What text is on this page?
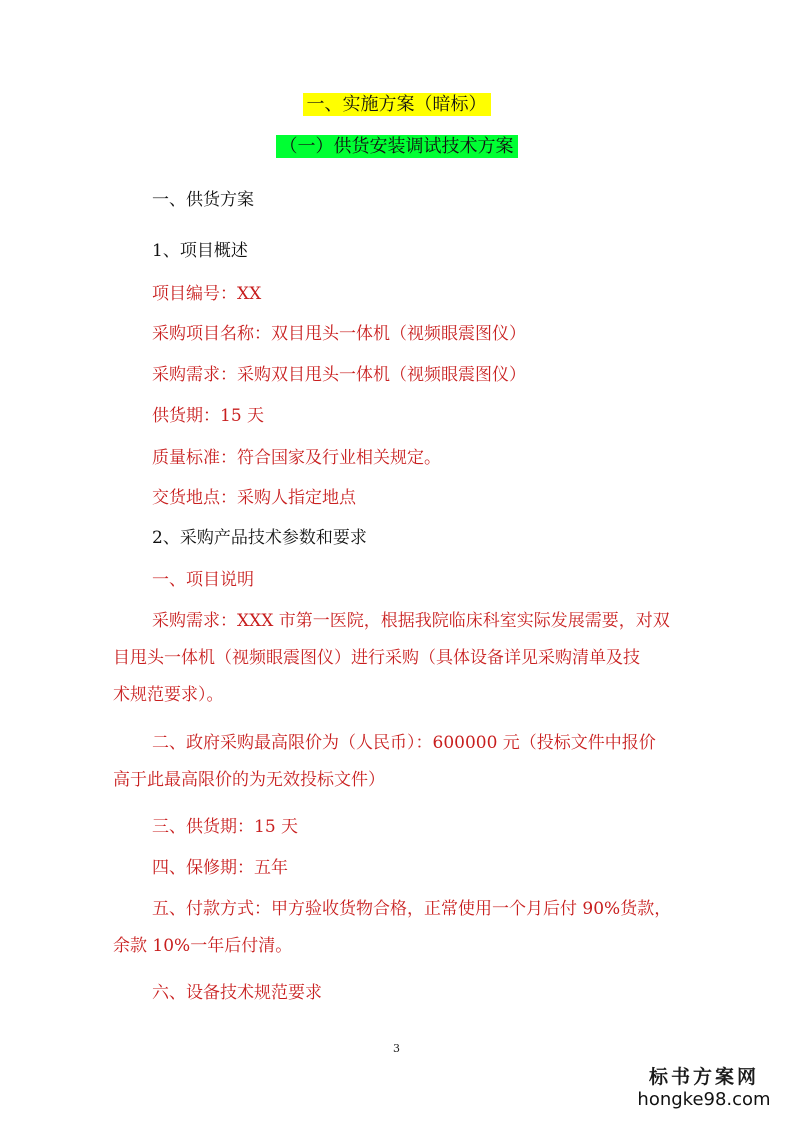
一、实施方案（暗标）
（一）供货安装调试技术方案
一、供货方案
1、项目概述
项目编号：XX
采购项目名称：双目甩头一体机（视频眼震图仪）
采购需求：采购双目甩头一体机（视频眼震图仪）
供货期：15 天
质量标准：符合国家及行业相关规定。
交货地点：采购人指定地点
2、采购产品技术参数和要求
一、项目说明
采购需求：XXX 市第一医院，根据我院临床科室实际发展需要，对双
目甩头一体机（视频眼震图仪）进行采购（具体设备详见采购清单及技
术规范要求）。
二、政府采购最高限价为（人民币）：600000 元（投标文件中报价
高于此最高限价的为无效投标文件）
三、供货期：15 天
四、保修期：五年
五、付款方式：甲方验收货物合格，正常使用一个月后付 90%货款，
余款 10%一年后付清。
六、设备技术规范要求
3
标书方案网
hongke98.com
